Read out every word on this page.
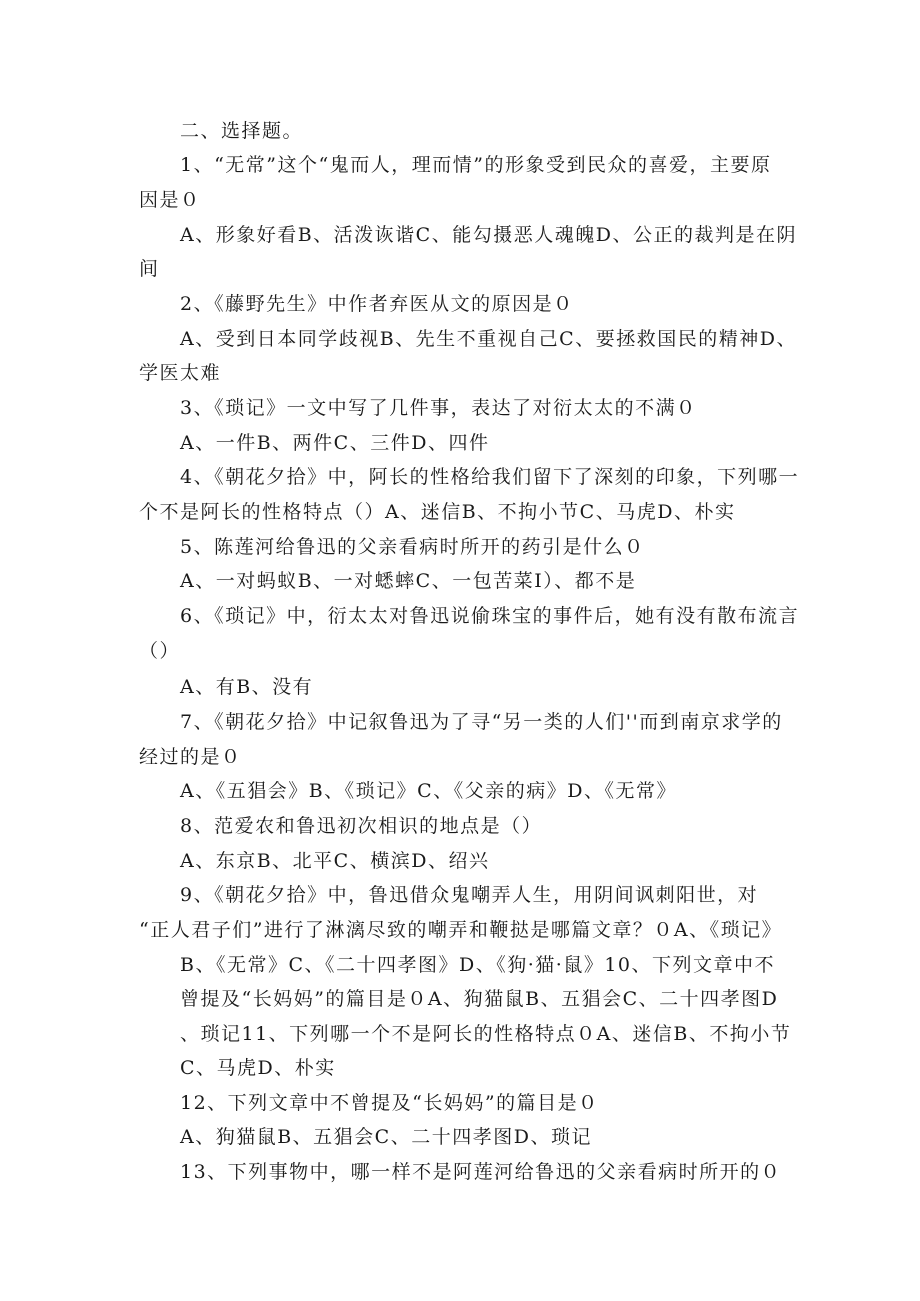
二、选择题。
1、“无常”这个“鬼而人，理而情”的形象受到民众的喜爱，主要原
因是０
A、形象好看B、活泼诙谐C、能勾摄恶人魂魄D、公正的裁判是在阴
间
2、《藤野先生》中作者弃医从文的原因是０
A、受到日本同学歧视B、先生不重视自己C、要拯救国民的精神D、
学医太难
3、《琐记》一文中写了几件事，表达了对衍太太的不满０
A、一件B、两件C、三件D、四件
4、《朝花夕拾》中，阿长的性格给我们留下了深刻的印象，下列哪一
个不是阿长的性格特点（）A、迷信B、不拘小节C、马虎D、朴实
5、陈莲河给鲁迅的父亲看病时所开的药引是什么０
A、一对蚂蚁B、一对蟋蟀C、一包苦菜I）、都不是
6、《琐记》中，衍太太对鲁迅说偷珠宝的事件后，她有没有散布流言
（）
A、有B、没有
7、《朝花夕拾》中记叙鲁迅为了寻“另一类的人们''而到南京求学的
经过的是０
A、《五猖会》B、《琐记》C、《父亲的病》D、《无常》
8、范爱农和鲁迅初次相识的地点是（）
A、东京B、北平C、横滨D、绍兴
9、《朝花夕拾》中，鲁迅借众鬼嘲弄人生，用阴间讽刺阳世，对
“正人君子们”进行了淋漓尽致的嘲弄和鞭挞是哪篇文章？０A、《琐记》
B、《无常》C、《二十四孝图》D、《狗·猫·鼠》10、下列文章中不
曾提及“长妈妈”的篇目是０A、狗猫鼠B、五猖会C、二十四孝图D
、琐记11、下列哪一个不是阿长的性格特点０A、迷信B、不拘小节
C、马虎D、朴实
12、下列文章中不曾提及“长妈妈”的篇目是０
A、狗猫鼠B、五猖会C、二十四孝图D、琐记
13、下列事物中，哪一样不是阿莲河给鲁迅的父亲看病时所开的０
